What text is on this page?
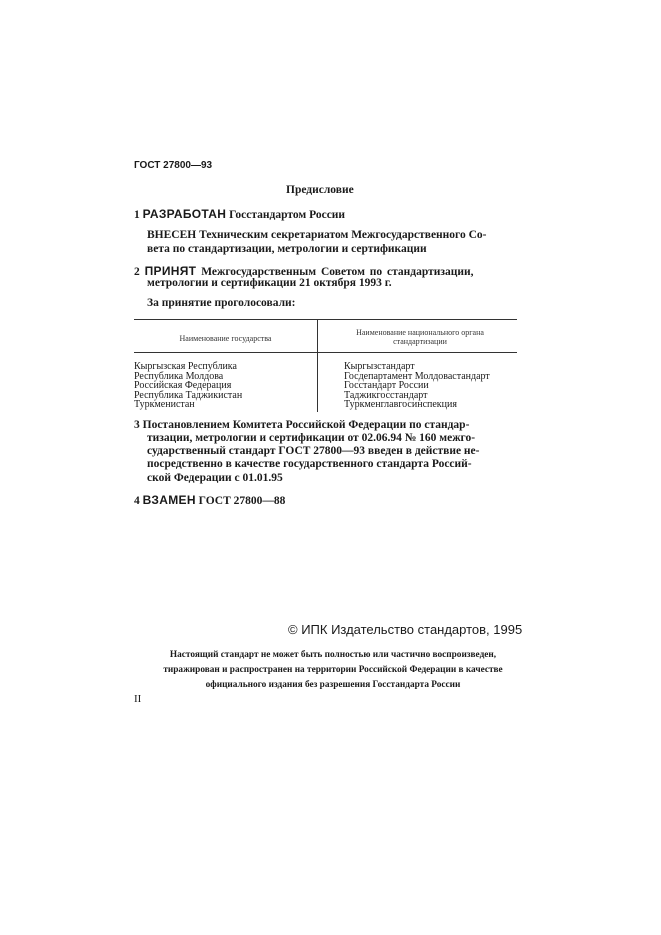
ГОСТ 27800—93
Предисловие
1 РАЗРАБОТАН Госстандартом России
ВНЕСЕН Техническим секретариатом Межгосударственного Со-
вета по стандартизации, метрологии и сертификации
2 ПРИНЯТ Межгосударственным Советом по стандартизации,
метрологии и сертификации 21 октября 1993 г.
За принятие проголосовали:
Наименование государства
Наименование национального органа стандартизации
Кыргызская Республика
Республика Молдова
Российская Федерация
Республика Таджикистан
Туркменистан
Кыргызстандарт
Госдепартамент Молдовастандарт
Госстандарт России
Таджикгосстандарт
Туркменглавгосинспекция
3 Постановлением Комитета Российской Федерации по стандар-
тизации, метрологии и сертификации от 02.06.94 № 160 межго-
сударственный стандарт ГОСТ 27800—93 введен в действие не-
посредственно в качестве государственного стандарта Россий-
ской Федерации с 01.01.95
4 ВЗАМЕН ГОСТ 27800—88
© ИПК Издательство стандартов, 1995
Настоящий стандарт не может быть полностью или частично воспроизведен,
тиражирован и распространен на территории Российской Федерации в качестве
официального издания без разрешения Госстандарта России
II
